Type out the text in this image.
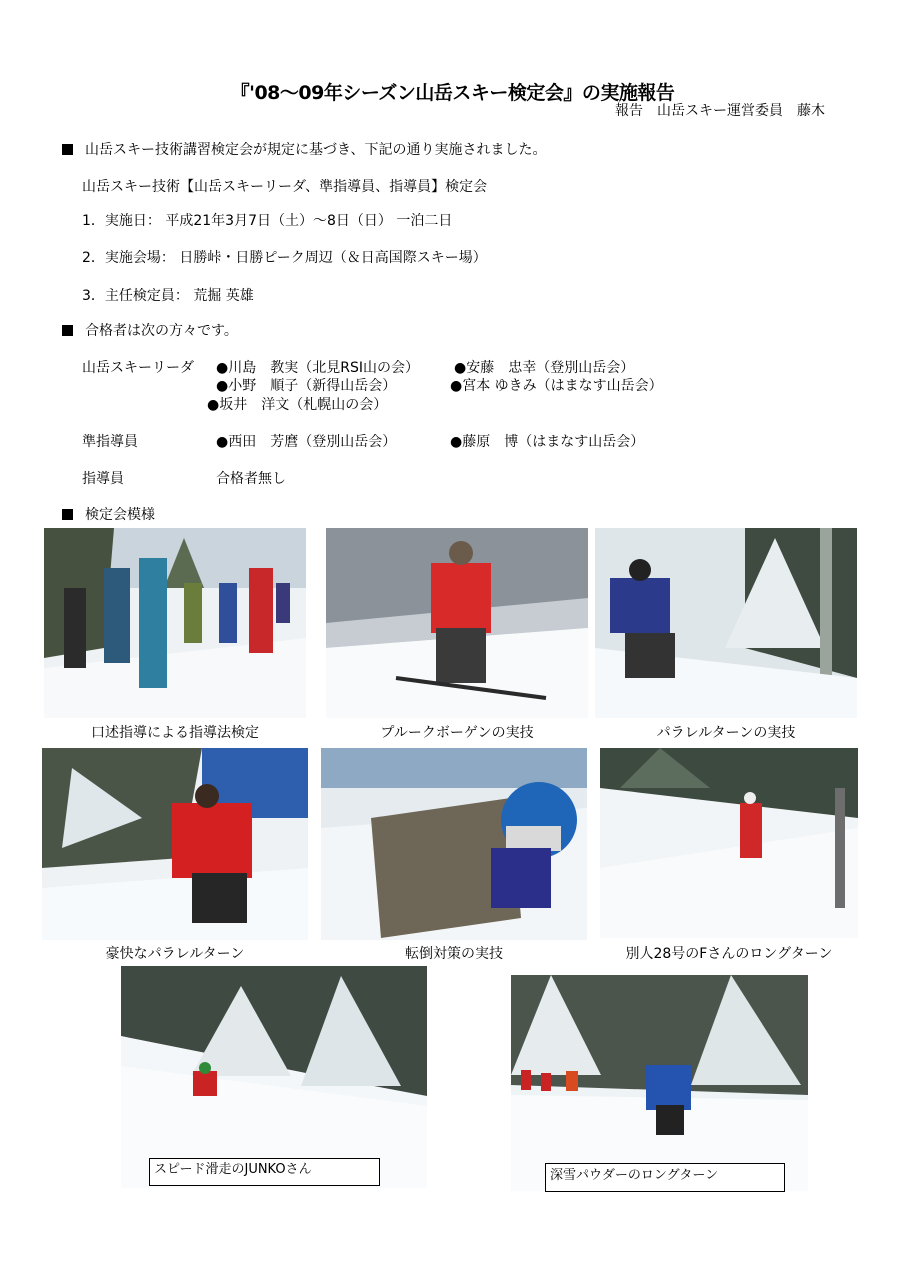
『'08～09年シーズン山岳スキー検定会』の実施報告
報告　山岳スキー運営委員　藤木
山岳スキー技術講習検定会が規定に基づき、下記の通り実施されました。
山岳スキー技術【山岳スキーリーダ、準指導員、指導員】検定会
1．実施日： 平成21年3月7日（土）～8日（日） 一泊二日
2．実施会場： 日勝峠・日勝ピーク周辺（＆日高国際スキー場）
3．主任検定員： 荒掘 英雄
合格者は次の方々です。
山岳スキーリーダ ●川島　教実（北見RSI山の会）	●安藤　忠幸（登別山岳会）
●小野　順子（新得山岳会）	●宮本 ゆきみ（はまなす山岳会）
●坂井　洋文（札幌山の会）
準指導員	●西田　芳麿（登別山岳会）	●藤原　博（はまなす山岳会）
指導員	合格者無し
検定会模様
口述指導による指導法検定	プルークボーゲンの実技	パラレルターンの実技
豪快なパラレルターン	転倒対策の実技	別人28号のFさんのロングターン
スピード滑走のJUNKOさん	深雪パウダーのロングターン
